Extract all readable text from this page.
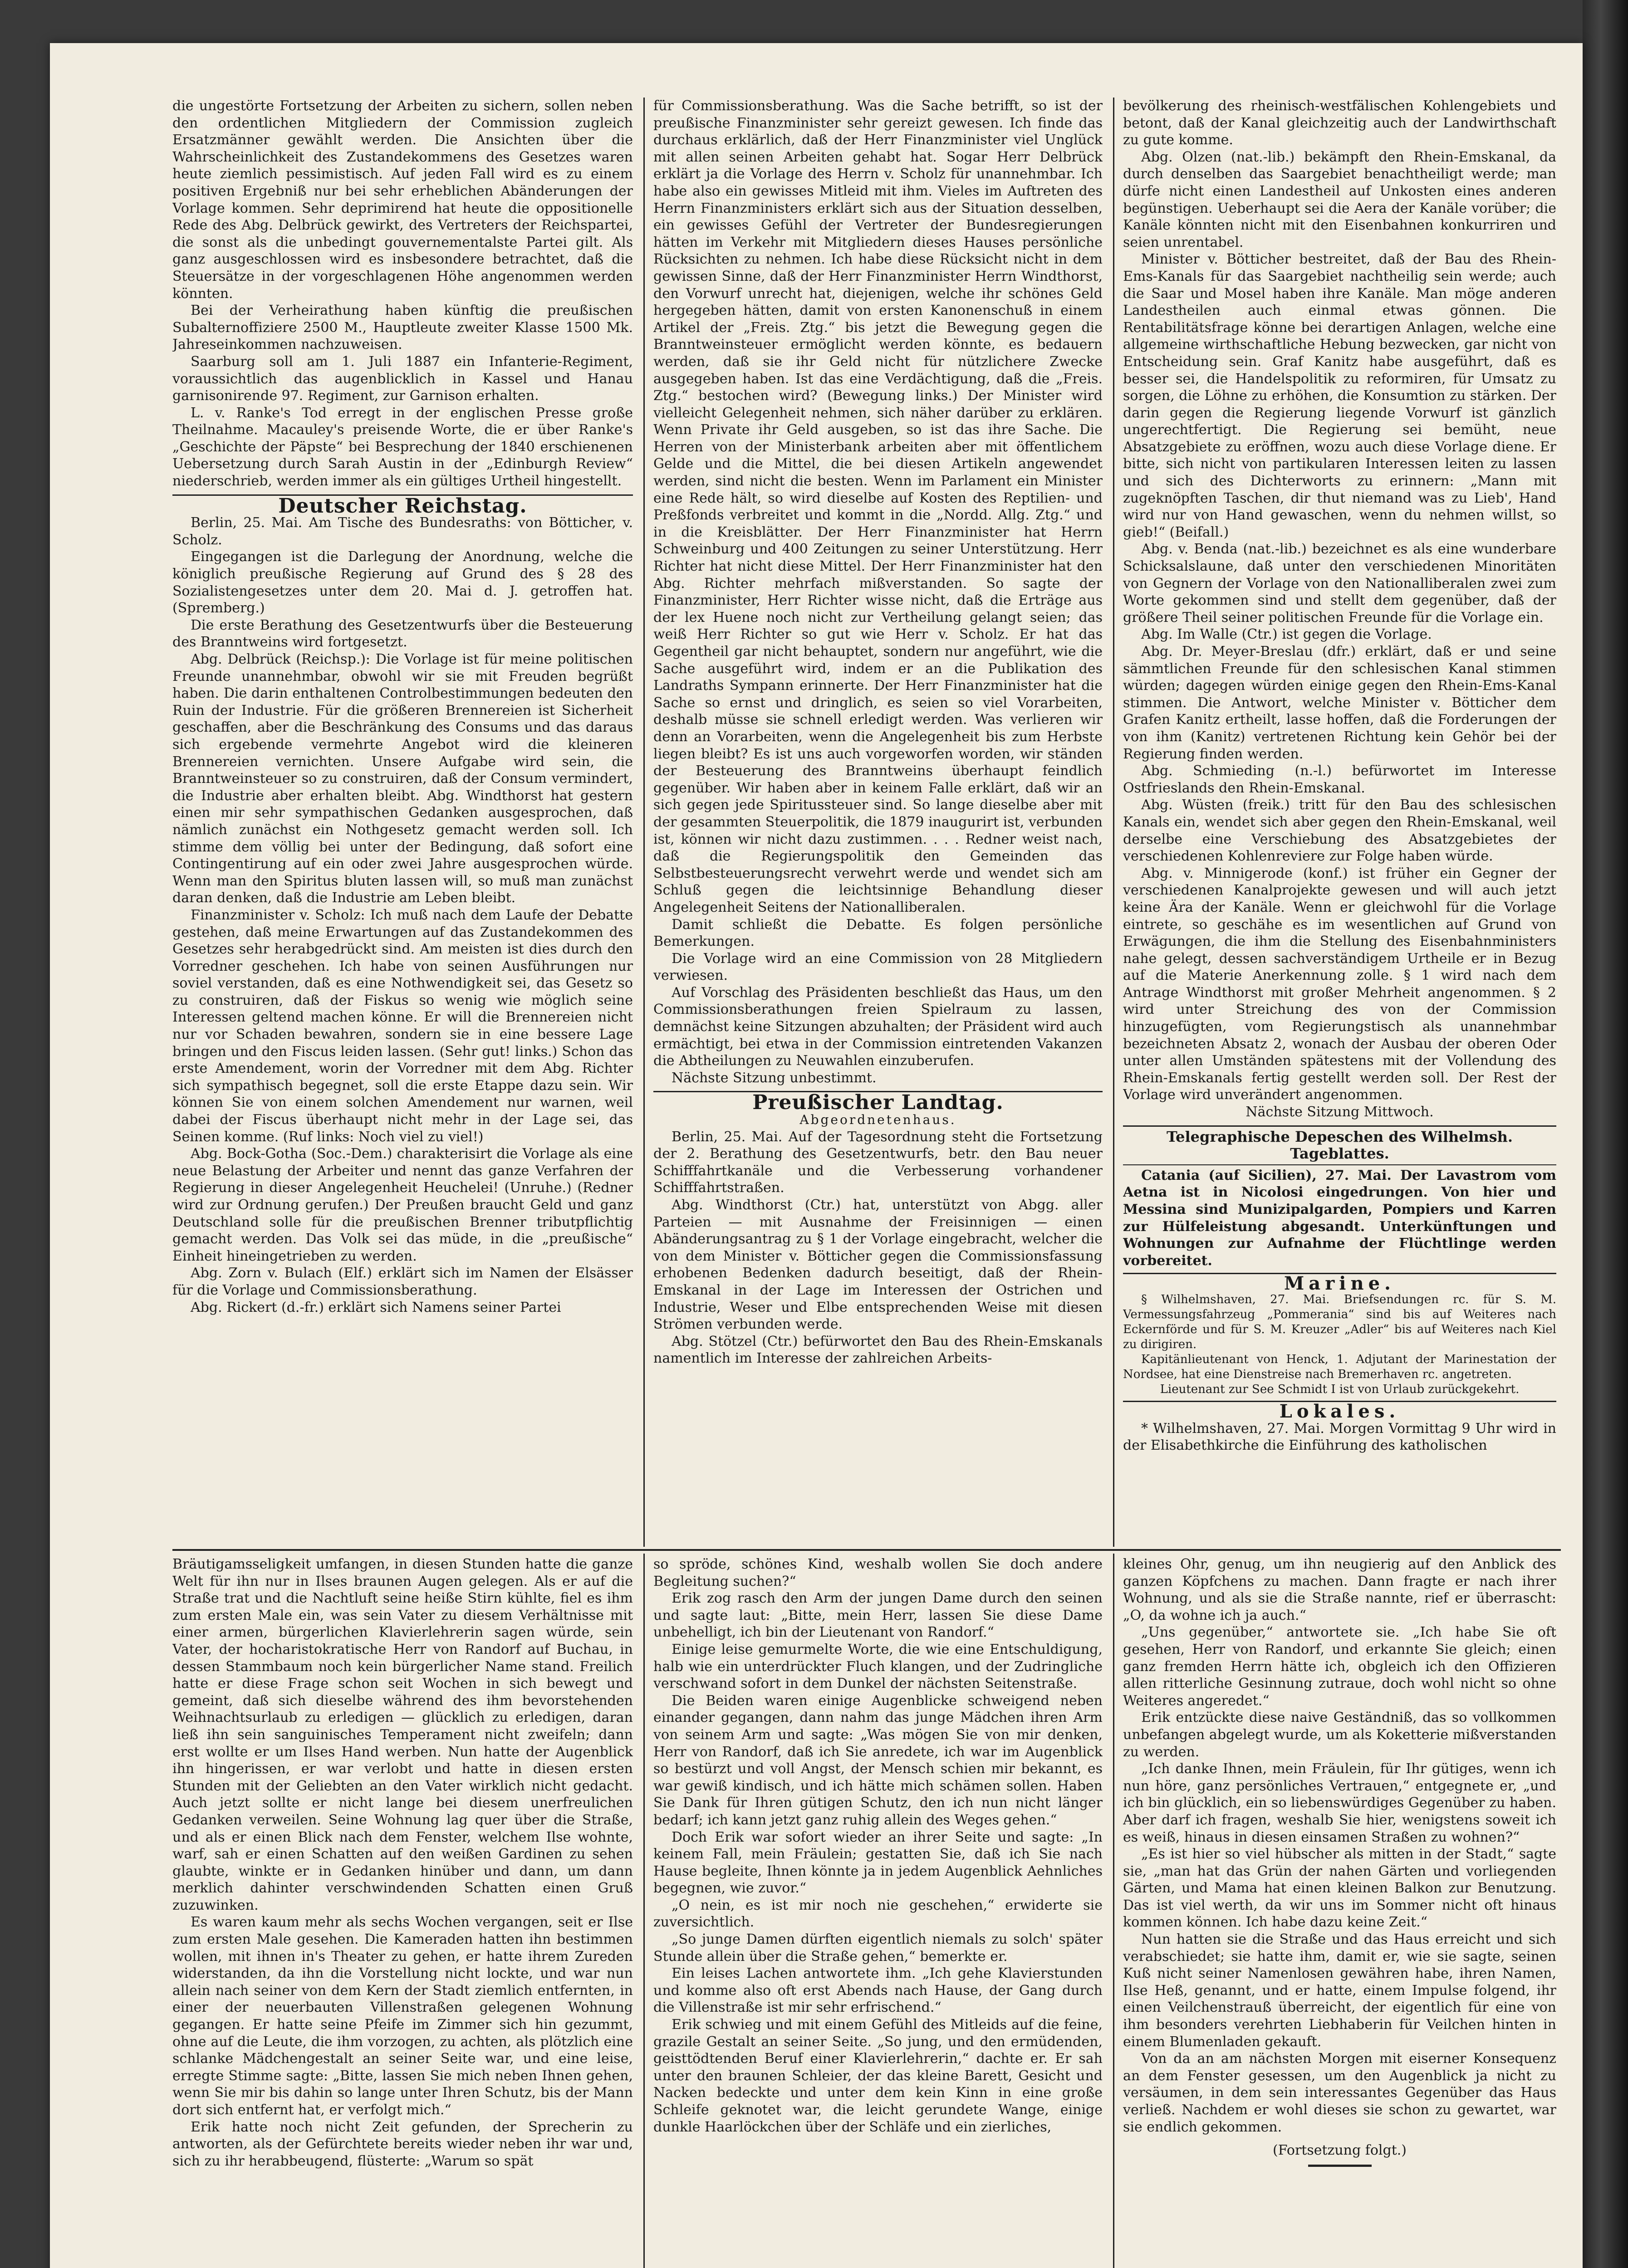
die ungestörte Fortsetzung der Arbeiten zu sichern, sollen neben den ordentlichen Mitgliedern der Commission zugleich Ersatzmänner gewählt werden. Die Ansichten über die Wahrscheinlichkeit des Zustandekommens des Gesetzes waren heute ziemlich pessimistisch. Auf jeden Fall wird es zu einem positiven Ergebniß nur bei sehr erheblichen Abänderungen der Vorlage kommen. Sehr deprimirend hat heute die oppositionelle Rede des Abg. Delbrück gewirkt, des Vertreters der Reichspartei, die sonst als die unbedingt gouvernementalste Partei gilt. Als ganz ausgeschlossen wird es insbesondere betrachtet, daß die Steuersätze in der vorgeschlagenen Höhe angenommen werden könnten.

Bei der Verheirathung haben künftig die preußischen Subalternoffiziere 2500 M., Hauptleute zweiter Klasse 1500 Mk. Jahreseinkommen nachzuweisen.

Saarburg soll am 1. Juli 1887 ein Infanterie-Regiment, voraussichtlich das augenblicklich in Kassel und Hanau garnisonirende 97. Regiment, zur Garnison erhalten.

L. v. Ranke's Tod erregt in der englischen Presse große Theilnahme. Macauley's preisende Worte, die er über Ranke's „Geschichte der Päpste“ bei Besprechung der 1840 erschienenen Uebersetzung durch Sarah Austin in der „Edinburgh Review“ niederschrieb, werden immer als ein gültiges Urtheil hingestellt.

Deutscher Reichstag.

Berlin, 25. Mai. Am Tische des Bundesraths: von Bötticher, v. Scholz.

Eingegangen ist die Darlegung der Anordnung, welche die königlich preußische Regierung auf Grund des § 28 des Sozialistengesetzes unter dem 20. Mai d. J. getroffen hat. (Spremberg.)

Die erste Berathung des Gesetzentwurfs über die Besteuerung des Branntweins wird fortgesetzt.

Abg. Delbrück (Reichsp.): Die Vorlage ist für meine politischen Freunde unannehmbar, obwohl wir sie mit Freuden begrüßt haben. Die darin enthaltenen Controlbestimmungen bedeuten den Ruin der Industrie. Für die größeren Brennereien ist Sicherheit geschaffen, aber die Beschränkung des Consums und das daraus sich ergebende vermehrte Angebot wird die kleineren Brennereien vernichten. Unsere Aufgabe wird sein, die Branntweinsteuer so zu construiren, daß der Consum vermindert, die Industrie aber erhalten bleibt. Abg. Windthorst hat gestern einen mir sehr sympathischen Gedanken ausgesprochen, daß nämlich zunächst ein Nothgesetz gemacht werden soll. Ich stimme dem völlig bei unter der Bedingung, daß sofort eine Contingentirung auf ein oder zwei Jahre ausgesprochen würde. Wenn man den Spiritus bluten lassen will, so muß man zunächst daran denken, daß die Industrie am Leben bleibt.

Finanzminister v. Scholz: Ich muß nach dem Laufe der Debatte gestehen, daß meine Erwartungen auf das Zustandekommen des Gesetzes sehr herabgedrückt sind. Am meisten ist dies durch den Vorredner geschehen. Ich habe von seinen Ausführungen nur soviel verstanden, daß es eine Nothwendigkeit sei, das Gesetz so zu construiren, daß der Fiskus so wenig wie möglich seine Interessen geltend machen könne. Er will die Brennereien nicht nur vor Schaden bewahren, sondern sie in eine bessere Lage bringen und den Fiscus leiden lassen. (Sehr gut! links.) Schon das erste Amendement, worin der Vorredner mit dem Abg. Richter sich sympathisch begegnet, soll die erste Etappe dazu sein. Wir können Sie von einem solchen Amendement nur warnen, weil dabei der Fiscus überhaupt nicht mehr in der Lage sei, das Seinen komme. (Ruf links: Noch viel zu viel!)

Abg. Bock-Gotha (Soc.-Dem.) charakterisirt die Vorlage als eine neue Belastung der Arbeiter und nennt das ganze Verfahren der Regierung in dieser Angelegenheit Heuchelei! (Unruhe.) (Redner wird zur Ordnung gerufen.) Der Preußen braucht Geld und ganz Deutschland solle für die preußischen Brenner tributpflichtig gemacht werden. Das Volk sei das müde, in die „preußische“ Einheit hineingetrieben zu werden.

Abg. Zorn v. Bulach (Elf.) erklärt sich im Namen der Elsässer für die Vorlage und Commissionsberathung.

Abg. Rickert (d.-fr.) erklärt sich Namens seiner Partei

für Commissionsberathung. Was die Sache betrifft, so ist der preußische Finanzminister sehr gereizt gewesen. Ich finde das durchaus erklärlich, daß der Herr Finanzminister viel Unglück mit allen seinen Arbeiten gehabt hat. Sogar Herr Delbrück erklärt ja die Vorlage des Herrn v. Scholz für unannehmbar. Ich habe also ein gewisses Mitleid mit ihm. Vieles im Auftreten des Herrn Finanzministers erklärt sich aus der Situation desselben, ein gewisses Gefühl der Vertreter der Bundesregierungen hätten im Verkehr mit Mitgliedern dieses Hauses persönliche Rücksichten zu nehmen. Ich habe diese Rücksicht nicht in dem gewissen Sinne, daß der Herr Finanzminister Herrn Windthorst, den Vorwurf unrecht hat, diejenigen, welche ihr schönes Geld hergegeben hätten, damit von ersten Kanonenschuß in einem Artikel der „Freis. Ztg.“ bis jetzt die Bewegung gegen die Branntweinsteuer ermöglicht werden könnte, es bedauern werden, daß sie ihr Geld nicht für nützlichere Zwecke ausgegeben haben. Ist das eine Verdächtigung, daß die „Freis. Ztg.“ bestochen wird? (Bewegung links.) Der Minister wird vielleicht Gelegenheit nehmen, sich näher darüber zu erklären. Wenn Private ihr Geld ausgeben, so ist das ihre Sache. Die Herren von der Ministerbank arbeiten aber mit öffentlichem Gelde und die Mittel, die bei diesen Artikeln angewendet werden, sind nicht die besten. Wenn im Parlament ein Minister eine Rede hält, so wird dieselbe auf Kosten des Reptilien- und Preßfonds verbreitet und kommt in die „Nordd. Allg. Ztg.“ und in die Kreisblätter. Der Herr Finanzminister hat Herrn Schweinburg und 400 Zeitungen zu seiner Unterstützung. Herr Richter hat nicht diese Mittel. Der Herr Finanzminister hat den Abg. Richter mehrfach mißverstanden. So sagte der Finanzminister, Herr Richter wisse nicht, daß die Erträge aus der lex Huene noch nicht zur Vertheilung gelangt seien; das weiß Herr Richter so gut wie Herr v. Scholz. Er hat das Gegentheil gar nicht behauptet, sondern nur angeführt, wie die Sache ausgeführt wird, indem er an die Publikation des Landraths Sympann erinnerte. Der Herr Finanzminister hat die Sache so ernst und dringlich, es seien so viel Vorarbeiten, deshalb müsse sie schnell erledigt werden. Was verlieren wir denn an Vorarbeiten, wenn die Angelegenheit bis zum Herbste liegen bleibt? Es ist uns auch vorgeworfen worden, wir ständen der Besteuerung des Branntweins überhaupt feindlich gegenüber. Wir haben aber in keinem Falle erklärt, daß wir an sich gegen jede Spiritussteuer sind. So lange dieselbe aber mit der gesammten Steuerpolitik, die 1879 inaugurirt ist, verbunden ist, können wir nicht dazu zustimmen. . . . Redner weist nach, daß die Regierungspolitik den Gemeinden das Selbstbesteuerungsrecht verwehrt werde und wendet sich am Schluß gegen die leichtsinnige Behandlung dieser Angelegenheit Seitens der Nationalliberalen.

Damit schließt die Debatte. Es folgen persönliche Bemerkungen.

Die Vorlage wird an eine Commission von 28 Mitgliedern verwiesen.

Auf Vorschlag des Präsidenten beschließt das Haus, um den Commissionsberathungen freien Spielraum zu lassen, demnächst keine Sitzungen abzuhalten; der Präsident wird auch ermächtigt, bei etwa in der Commission eintretenden Vakanzen die Abtheilungen zu Neuwahlen einzuberufen.

Nächste Sitzung unbestimmt.

Preußischer Landtag.

Abgeordnetenhaus.

Berlin, 25. Mai. Auf der Tagesordnung steht die Fortsetzung der 2. Berathung des Gesetzentwurfs, betr. den Bau neuer Schifffahrtkanäle und die Verbesserung vorhandener Schifffahrtstraßen.

Abg. Windthorst (Ctr.) hat, unterstützt von Abgg. aller Parteien — mit Ausnahme der Freisinnigen — einen Abänderungsantrag zu § 1 der Vorlage eingebracht, welcher die von dem Minister v. Bötticher gegen die Commissionsfassung erhobenen Bedenken dadurch beseitigt, daß der Rhein-Emskanal in der Lage im Interessen der Ostrichen und Industrie, Weser und Elbe entsprechenden Weise mit diesen Strömen verbunden werde.

Abg. Stötzel (Ctr.) befürwortet den Bau des Rhein-Emskanals namentlich im Interesse der zahlreichen Arbeits-

bevölkerung des rheinisch-westfälischen Kohlengebiets und betont, daß der Kanal gleichzeitig auch der Landwirthschaft zu gute komme.

Abg. Olzen (nat.-lib.) bekämpft den Rhein-Emskanal, da durch denselben das Saargebiet benachtheiligt werde; man dürfe nicht einen Landestheil auf Unkosten eines anderen begünstigen. Ueberhaupt sei die Aera der Kanäle vorüber; die Kanäle könnten nicht mit den Eisenbahnen konkurriren und seien unrentabel.

Minister v. Bötticher bestreitet, daß der Bau des Rhein-Ems-Kanals für das Saargebiet nachtheilig sein werde; auch die Saar und Mosel haben ihre Kanäle. Man möge anderen Landestheilen auch einmal etwas gönnen. Die Rentabilitätsfrage könne bei derartigen Anlagen, welche eine allgemeine wirthschaftliche Hebung bezwecken, gar nicht von Entscheidung sein. Graf Kanitz habe ausgeführt, daß es besser sei, die Handelspolitik zu reformiren, für Umsatz zu sorgen, die Löhne zu erhöhen, die Konsumtion zu stärken. Der darin gegen die Regierung liegende Vorwurf ist gänzlich ungerechtfertigt. Die Regierung sei bemüht, neue Absatzgebiete zu eröffnen, wozu auch diese Vorlage diene. Er bitte, sich nicht von partikularen Interessen leiten zu lassen und sich des Dichterworts zu erinnern: „Mann mit zugeknöpften Taschen, dir thut niemand was zu Lieb', Hand wird nur von Hand gewaschen, wenn du nehmen willst, so gieb!“ (Beifall.)

Abg. v. Benda (nat.-lib.) bezeichnet es als eine wunderbare Schicksalslaune, daß unter den verschiedenen Minoritäten von Gegnern der Vorlage von den Nationalliberalen zwei zum Worte gekommen sind und stellt dem gegenüber, daß der größere Theil seiner politischen Freunde für die Vorlage ein.

Abg. Im Walle (Ctr.) ist gegen die Vorlage.

Abg. Dr. Meyer-Breslau (dfr.) erklärt, daß er und seine sämmtlichen Freunde für den schlesischen Kanal stimmen würden; dagegen würden einige gegen den Rhein-Ems-Kanal stimmen. Die Antwort, welche Minister v. Bötticher dem Grafen Kanitz ertheilt, lasse hoffen, daß die Forderungen der von ihm (Kanitz) vertretenen Richtung kein Gehör bei der Regierung finden werden.

Abg. Schmieding (n.-l.) befürwortet im Interesse Ostfrieslands den Rhein-Emskanal.

Abg. Wüsten (freik.) tritt für den Bau des schlesischen Kanals ein, wendet sich aber gegen den Rhein-Emskanal, weil derselbe eine Verschiebung des Absatzgebietes der verschiedenen Kohlenreviere zur Folge haben würde.

Abg. v. Minnigerode (konf.) ist früher ein Gegner der verschiedenen Kanalprojekte gewesen und will auch jetzt keine Ära der Kanäle. Wenn er gleichwohl für die Vorlage eintrete, so geschähe es im wesentlichen auf Grund von Erwägungen, die ihm die Stellung des Eisenbahnministers nahe gelegt, dessen sachverständigem Urtheile er in Bezug auf die Materie Anerkennung zolle. § 1 wird nach dem Antrage Windthorst mit großer Mehrheit angenommen. § 2 wird unter Streichung des von der Commission hinzugefügten, vom Regierungstisch als unannehmbar bezeichneten Absatz 2, wonach der Ausbau der oberen Oder unter allen Umständen spätestens mit der Vollendung des Rhein-Emskanals fertig gestellt werden soll. Der Rest der Vorlage wird unverändert angenommen.

Nächste Sitzung Mittwoch.

Telegraphische Depeschen des Wilhelmsh. Tageblattes.

Catania (auf Sicilien), 27. Mai. Der Lavastrom vom Aetna ist in Nicolosi eingedrungen. Von hier und Messina sind Munizipalgarden, Pompiers und Karren zur Hülfeleistung abgesandt. Unterkünftungen und Wohnungen zur Aufnahme der Flüchtlinge werden vorbereitet.

Marine.

§ Wilhelmshaven, 27. Mai. Briefsendungen rc. für S. M. Vermessungsfahrzeug „Pommerania“ sind bis auf Weiteres nach Eckernförde und für S. M. Kreuzer „Adler“ bis auf Weiteres nach Kiel zu dirigiren.

Kapitänlieutenant von Henck, 1. Adjutant der Marinestation der Nordsee, hat eine Dienstreise nach Bremerhaven rc. angetreten.

Lieutenant zur See Schmidt I ist von Urlaub zurückgekehrt.

Lokales.

* Wilhelmshaven, 27. Mai. Morgen Vormittag 9 Uhr wird in der Elisabethkirche die Einführung des katholischen

Bräutigamsseligkeit umfangen, in diesen Stunden hatte die ganze Welt für ihn nur in Ilses braunen Augen gelegen. Als er auf die Straße trat und die Nachtluft seine heiße Stirn kühlte, fiel es ihm zum ersten Male ein, was sein Vater zu diesem Verhältnisse mit einer armen, bürgerlichen Klavierlehrerin sagen würde, sein Vater, der hocharistokratische Herr von Randorf auf Buchau, in dessen Stammbaum noch kein bürgerlicher Name stand. Freilich hatte er diese Frage schon seit Wochen in sich bewegt und gemeint, daß sich dieselbe während des ihm bevorstehenden Weihnachtsurlaub zu erledigen — glücklich zu erledigen, daran ließ ihn sein sanguinisches Temperament nicht zweifeln; dann erst wollte er um Ilses Hand werben. Nun hatte der Augenblick ihn hingerissen, er war verlobt und hatte in diesen ersten Stunden mit der Geliebten an den Vater wirklich nicht gedacht. Auch jetzt sollte er nicht lange bei diesem unerfreulichen Gedanken verweilen. Seine Wohnung lag quer über die Straße, und als er einen Blick nach dem Fenster, welchem Ilse wohnte, warf, sah er einen Schatten auf den weißen Gardinen zu sehen glaubte, winkte er in Gedanken hinüber und dann, um dann merklich dahinter verschwindenden Schatten einen Gruß zuzuwinken.

Es waren kaum mehr als sechs Wochen vergangen, seit er Ilse zum ersten Male gesehen. Die Kameraden hatten ihn bestimmen wollen, mit ihnen in's Theater zu gehen, er hatte ihrem Zureden widerstanden, da ihn die Vorstellung nicht lockte, und war nun allein nach seiner von dem Kern der Stadt ziemlich entfernten, in einer der neuerbauten Villenstraßen gelegenen Wohnung gegangen. Er hatte seine Pfeife im Zimmer sich hin gezummt, ohne auf die Leute, die ihm vorzogen, zu achten, als plötzlich eine schlanke Mädchengestalt an seiner Seite war, und eine leise, erregte Stimme sagte: „Bitte, lassen Sie mich neben Ihnen gehen, wenn Sie mir bis dahin so lange unter Ihren Schutz, bis der Mann dort sich entfernt hat, er verfolgt mich.“

Erik hatte noch nicht Zeit gefunden, der Sprecherin zu antworten, als der Gefürchtete bereits wieder neben ihr war und, sich zu ihr herabbeugend, flüsterte: „Warum so spät

so spröde, schönes Kind, weshalb wollen Sie doch andere Begleitung suchen?“

Erik zog rasch den Arm der jungen Dame durch den seinen und sagte laut: „Bitte, mein Herr, lassen Sie diese Dame unbehelligt, ich bin der Lieutenant von Randorf.“

Einige leise gemurmelte Worte, die wie eine Entschuldigung, halb wie ein unterdrückter Fluch klangen, und der Zudringliche verschwand sofort in dem Dunkel der nächsten Seitenstraße.

Die Beiden waren einige Augenblicke schweigend neben einander gegangen, dann nahm das junge Mädchen ihren Arm von seinem Arm und sagte: „Was mögen Sie von mir denken, Herr von Randorf, daß ich Sie anredete, ich war im Augenblick so bestürzt und voll Angst, der Mensch schien mir bekannt, es war gewiß kindisch, und ich hätte mich schämen sollen. Haben Sie Dank für Ihren gütigen Schutz, den ich nun nicht länger bedarf; ich kann jetzt ganz ruhig allein des Weges gehen.“

Doch Erik war sofort wieder an ihrer Seite und sagte: „In keinem Fall, mein Fräulein; gestatten Sie, daß ich Sie nach Hause begleite, Ihnen könnte ja in jedem Augenblick Aehnliches begegnen, wie zuvor.“

„O nein, es ist mir noch nie geschehen,“ erwiderte sie zuversichtlich.

„So junge Damen dürften eigentlich niemals zu solch' später Stunde allein über die Straße gehen,“ bemerkte er.

Ein leises Lachen antwortete ihm. „Ich gehe Klavierstunden und komme also oft erst Abends nach Hause, der Gang durch die Villenstraße ist mir sehr erfrischend.“

Erik schwieg und mit einem Gefühl des Mitleids auf die feine, grazile Gestalt an seiner Seite. „So jung, und den ermüdenden, geisttödtenden Beruf einer Klavierlehrerin,“ dachte er. Er sah unter den braunen Schleier, der das kleine Barett, Gesicht und Nacken bedeckte und unter dem kein Kinn in eine große Schleife geknotet war, die leicht gerundete Wange, einige dunkle Haarlöckchen über der Schläfe und ein zierliches,

kleines Ohr, genug, um ihn neugierig auf den Anblick des ganzen Köpfchens zu machen. Dann fragte er nach ihrer Wohnung, und als sie die Straße nannte, rief er überrascht: „O, da wohne ich ja auch.“

„Uns gegenüber,“ antwortete sie. „Ich habe Sie oft gesehen, Herr von Randorf, und erkannte Sie gleich; einen ganz fremden Herrn hätte ich, obgleich ich den Offizieren allen ritterliche Gesinnung zutraue, doch wohl nicht so ohne Weiteres angeredet.“

Erik entzückte diese naive Geständniß, das so vollkommen unbefangen abgelegt wurde, um als Koketterie mißverstanden zu werden.

„Ich danke Ihnen, mein Fräulein, für Ihr gütiges, wenn ich nun höre, ganz persönliches Vertrauen,“ entgegnete er, „und ich bin glücklich, ein so liebenswürdiges Gegenüber zu haben. Aber darf ich fragen, weshalb Sie hier, wenigstens soweit ich es weiß, hinaus in diesen einsamen Straßen zu wohnen?“

„Es ist hier so viel hübscher als mitten in der Stadt,“ sagte sie, „man hat das Grün der nahen Gärten und vorliegenden Gärten, und Mama hat einen kleinen Balkon zur Benutzung. Das ist viel werth, da wir uns im Sommer nicht oft hinaus kommen können. Ich habe dazu keine Zeit.“

Nun hatten sie die Straße und das Haus erreicht und sich verabschiedet; sie hatte ihm, damit er, wie sie sagte, seinen Kuß nicht seiner Namenlosen gewähren habe, ihren Namen, Ilse Heß, genannt, und er hatte, einem Impulse folgend, ihr einen Veilchenstrauß überreicht, der eigentlich für eine von ihm besonders verehrten Liebhaberin für Veilchen hinten in einem Blumenladen gekauft.

Von da an am nächsten Morgen mit eiserner Konsequenz an dem Fenster gesessen, um den Augenblick ja nicht zu versäumen, in dem sein interessantes Gegenüber das Haus verließ. Nachdem er wohl dieses sie schon zu gewartet, war sie endlich gekommen.

(Fortsetzung folgt.)
